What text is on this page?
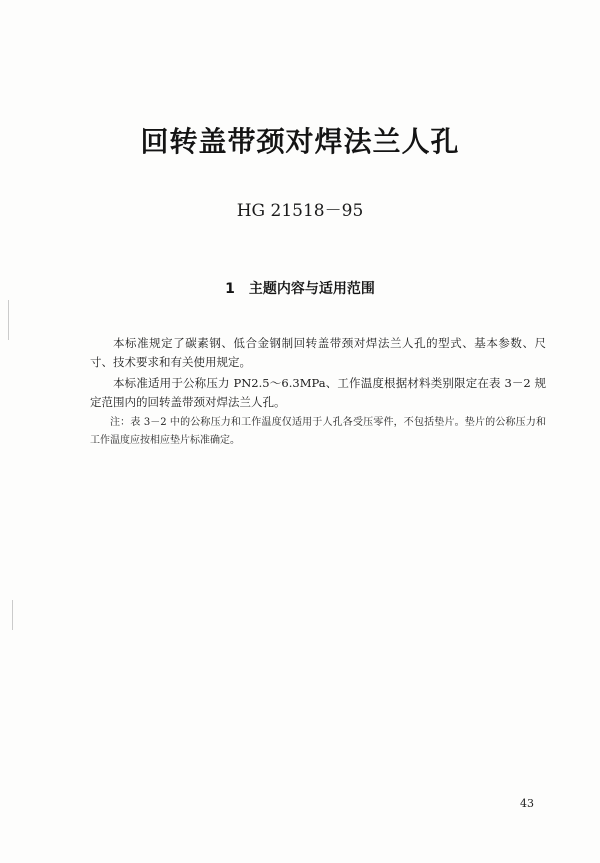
回转盖带颈对焊法兰人孔
HG 21518－95
1 主题内容与适用范围
本标准规定了碳素钢、低合金钢制回转盖带颈对焊法兰人孔的型式、基本参数、尺寸、技术要求和有关使用规定。
本标准适用于公称压力 PN2.5～6.3MPa、工作温度根据材料类别限定在表 3－2 规定范围内的回转盖带颈对焊法兰人孔。
注：表 3－2 中的公称压力和工作温度仅适用于人孔各受压零件，不包括垫片。垫片的公称压力和工作温度应按相应垫片标准确定。
43
